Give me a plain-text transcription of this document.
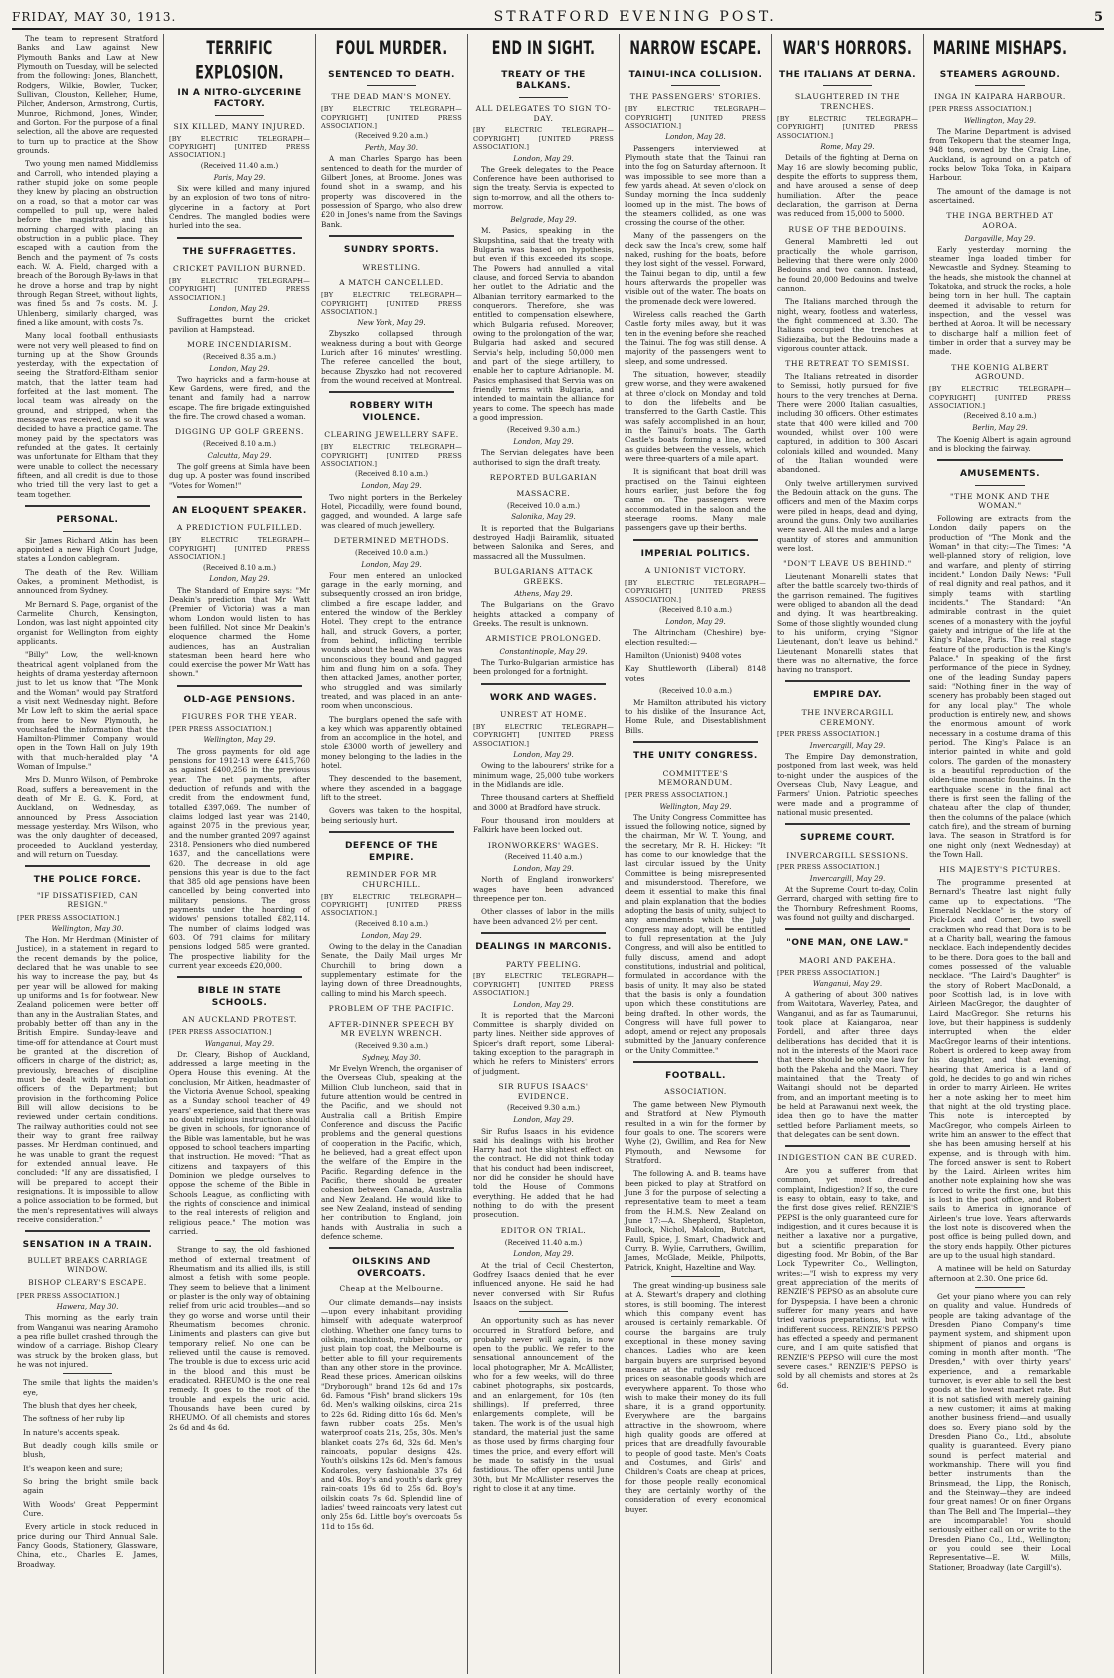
FRIDAY, MAY 30, 1913.	STRATFORD EVENING POST.	5

The team to represent Stratford Banks and Law against New Plymouth Banks and Law at New Plymouth on Tuesday, will be selected from the following: Jones, Blanchett, Rodgers, Wilkie, Bowler, Tucker, Sullivan, Clouston, Kelleher, Hume, Pilcher, Anderson, Armstrong, Curtis, Munroe, Richmond, Jones, Winder, and Gorton. For the purpose of a final selection, all the above are requested to turn up to practice at the Show grounds.

Two young men named Middlemiss and Carroll, who intended playing a rather stupid joke on some people they knew by placing an obstruction on a road, so that a motor car was compelled to pull up, were haled before the magistrate, and this morning charged with placing an obstruction in a public place. They escaped with a caution from the Bench and the payment of 7s costs each. W. A. Field, charged with a breach of the Borough By-laws in that he drove a horse and trap by night through Regan Street, without lights, was fined 5s and 7s costs. M. J. Uhlenberg, similarly charged, was fined a like amount, with costs 7s.

Many local football enthusiasts were not very well pleased to find on turning up at the Show Grounds yesterday, with the expectation of seeing the Stratford-Eltham senior match, that the latter team had forfeited at the last moment. The local team was already on the ground, and stripped, when the message was received, and so it was decided to have a practice game. The money paid by the spectators was refunded at the gates. It certainly was unfortunate for Eltham that they were unable to collect the necessary fifteen, and all credit is due to those who tried till the very last to get a team together.

PERSONAL.

Sir James Richard Atkin has been appointed a new High Court Judge, states a London cablegram.

The death of the Rev. William Oakes, a prominent Methodist, is announced from Sydney.

Mr Bernard S. Page, organist of the Carmelite Church, Kensington, London, was last night appointed city organist for Wellington from eighty applicants.

"Billy" Low, the well-known theatrical agent volplaned from the heights of drama yesterday afternoon just to let us know that "The Monk and the Woman" would pay Stratford a visit next Wednesday night. Before Mr Low left to skim the aerial space from here to New Plymouth, he vouchsafed the information that the Hamilton-Plimmer Company would open in the Town Hall on July 19th with that much-heralded play "A Woman of Impulse."

Mrs D. Munro Wilson, of Pembroke Road, suffers a bereavement in the death of Mr E. G. K. Ford, at Auckland, on Wednesday, as announced by Press Association message yesterday. Mrs Wilson, who was the only daughter of deceased, proceeded to Auckland yesterday, and will return on Tuesday.

THE POLICE FORCE.
"IF DISSATISFIED, CAN RESIGN."
[PER PRESS ASSOCIATION.]
Wellington, May 30.

The Hon. Mr Herdman (Minister of Justice), in a statement in regard to the recent demands by the police, declared that he was unable to see his way to increase the pay, but 4s per year will be allowed for making up uniforms and 1s for footwear. New Zealand policemen were better off than any in the Australian States, and probably better off than any in the British Empire. Sunday-leave and time-off for attendance at Court must be granted at the discretion of officers in charge of the district; as, previously, breaches of discipline must be dealt with by regulation officers of the Department; but provision in the forthcoming Police Bill will allow decisions to be reviewed under certain conditions. The railway authorities could not see their way to grant free railway passes. Mr Herdman continued, and he was unable to grant the request for extended annual leave. He concluded: "If any are dissatisfied, I will be prepared to accept their resignations. It is impossible to allow a police association to be formed, but the men's representatives will always receive consideration."

SENSATION IN A TRAIN.
BULLET BREAKS CARRIAGE WINDOW.
BISHOP CLEARY'S ESCAPE.
[PER PRESS ASSOCIATION.]
Hawera, May 30.

This morning as the early train from Wanganui was nearing Aramoho a pea rifle bullet crashed through the window of a carriage. Bishop Cleary was struck by the broken glass, but he was not injured.

The smile that lights the maiden's eye,

The blush that dyes her cheek,

The softness of her ruby lip

In nature's accents speak.

But deadly cough kills smile or blush,

It's weapon keen and sure;

So bring the bright smile back again

With Woods' Great Peppermint Cure.

Every article in stock reduced in price during our Third Annual Sale. Fancy Goods, Stationery, Glassware, China, etc., Charles E. James, Broadway.

TERRIFIC EXPLOSION.
IN A NITRO-GLYCERINE FACTORY.
SIX KILLED, MANY INJURED.
[BY ELECTRIC TELEGRAPH—COPYRIGHT] [UNITED PRESS ASSOCIATION.]
(Received 11.40 a.m.)
Paris, May 29.

Six were killed and many injured by an explosion of two tons of nitro-glycerine in a factory at Port Cendres. The mangled bodies were hurled into the sea.

THE SUFFRAGETTES.
CRICKET PAVILION BURNED.
[BY ELECTRIC TELEGRAPH—COPYRIGHT] [UNITED PRESS ASSOCIATION.]
London, May 29.

Suffragettes burnt the cricket pavilion at Hampstead.

MORE INCENDIARISM.
(Received 8.35 a.m.)
London, May 29.

Two hayricks and a farm-house at Kew Gardens, were fired, and the tenant and family had a narrow escape. The fire brigade extinguished the fire. The crowd chased a woman.

DIGGING UP GOLF GREENS.
(Received 8.10 a.m.)
Calcutta, May 29.

The golf greens at Simla have been dug up. A poster was found inscribed "Votes for Women!"

AN ELOQUENT SPEAKER.
A PREDICTION FULFILLED.
[BY ELECTRIC TELEGRAPH—COPYRIGHT] [UNITED PRESS ASSOCIATION.]
(Received 8.10 a.m.)
London, May 29.

The Standard of Empire says: "Mr Deakin's prediction that Mr Watt (Premier of Victoria) was a man whom London would listen to has been fulfilled. Not since Mr Deakin's eloquence charmed the Home audiences, has an Australian statesman been heard here who could exercise the power Mr Watt has shown."

OLD-AGE PENSIONS.
FIGURES FOR THE YEAR.
[PER PRESS ASSOCIATION.]
Wellington, May 29.

The gross payments for old age pensions for 1912-13 were £415,760 as against £400,256 in the previous year. The net payments, after deduction of refunds and with the credit from the endowment fund, totalled £397,069. The number of claims lodged last year was 2140, against 2075 in the previous year, and the number granted 2097 against 2318. Pensioners who died numbered 1637, and the cancellations were 620. The decrease in old age pensions this year is due to the fact that 385 old age pensions have been cancelled by being converted into military pensions. The gross payments under the hoarding of widows' pensions totalled £82,114. The number of claims lodged was 603. Of 791 claims for military pensions lodged 585 were granted. The prospective liability for the current year exceeds £20,000.

BIBLE IN STATE SCHOOLS.
AN AUCKLAND PROTEST.
[PER PRESS ASSOCIATION.]
Wanganui, May 29.

Dr. Cleary, Bishop of Auckland, addressed a large meeting in the Opera House this evening. At the conclusion, Mr Aitken, headmaster of the Victoria Avenue School, speaking as a Sunday school teacher of 49 years' experience, said that there was no doubt religious instruction should be given in schools, for ignorance of the Bible was lamentable, but he was opposed to school teachers imparting that instruction. He moved: "That as citizens and taxpayers of this Dominion we pledge ourselves to oppose the scheme of the Bible in Schools League, as conflicting with the rights of conscience and inimical to the real interests of religion and religious peace." The motion was carried.

Strange to say, the old fashioned method of external treatment of Rheumatism and its allied ills, is still almost a fetish with some people. They seem to believe that a liniment or plaster is the only way of obtaining relief from uric acid troubles—and so they go worse and worse until their Rheumatism becomes chronic. Liniments and plasters can give but temporary relief. No one can be relieved until the cause is removed. The trouble is due to excess uric acid in the blood and this must be eradicated. RHEUMO is the one real remedy. It goes to the root of the trouble and expels the uric acid. Thousands have been cured by RHEUMO. Of all chemists and stores 2s 6d and 4s 6d.

FOUL MURDER.
SENTENCED TO DEATH.
THE DEAD MAN'S MONEY.
[BY ELECTRIC TELEGRAPH—COPYRIGHT] [UNITED PRESS ASSOCIATION.]
(Received 9.20 a.m.)
Perth, May 30.

A man Charles Spargo has been sentenced to death for the murder of Gilbert Jones, at Broome. Jones was found shot in a swamp, and his property was discovered in the possession of Spargo, who also drew £20 in Jones's name from the Savings Bank.

SUNDRY SPORTS.
WRESTLING.
A MATCH CANCELLED.
[BY ELECTRIC TELEGRAPH—COPYRIGHT] [UNITED PRESS ASSOCIATION.]
New York, May 29.

Zbyszko collapsed through weakness during a bout with George Lurich after 16 minutes' wrestling. The referee cancelled the bout, because Zbyszko had not recovered from the wound received at Montreal.

ROBBERY WITH VIOLENCE.
CLEARING JEWELLERY SAFE.
[BY ELECTRIC TELEGRAPH—COPYRIGHT] [UNITED PRESS ASSOCIATION.]
(Received 8.10 a.m.)
London, May 29.

Two night porters in the Berkeley Hotel, Piccadilly, were found bound, gagged, and wounded. A large safe was cleared of much jewellery.

DETERMINED METHODS.
(Received 10.0 a.m.)
London, May 29.

Four men entered an unlocked garage in the early morning, and subsequently crossed an iron bridge, climbed a fire escape ladder, and entered the window of the Berkley Hotel. They crept to the entrance hall, and struck Govers, a porter, from behind, inflicting terrible wounds about the head. When he was unconscious they bound and gagged him and flung him on a sofa. They then attacked James, another porter, who struggled and was similarly treated, and was placed in an ante-room when unconscious.

The burglars opened the safe with a key which was apparently obtained from an accomplice in the hotel, and stole £3000 worth of jewellery and money belonging to the ladies in the hotel.

They descended to the basement, where they ascended in a baggage lift to the street.

Govers was taken to the hospital, being seriously hurt.

DEFENCE OF THE EMPIRE.
REMINDER FOR MR CHURCHILL.
[BY ELECTRIC TELEGRAPH—COPYRIGHT] [UNITED PRESS ASSOCIATION.]
(Received 8.10 a.m.)
London, May 29.

Owing to the delay in the Canadian Senate, the Daily Mail urges Mr Churchill to bring down a supplementary estimate for the laying down of three Dreadnoughts, calling to mind his March speech.

PROBLEM OF THE PACIFIC.
AFTER-DINNER SPEECH BY MR EVELYN WRENCH.
(Received 9.30 a.m.)
Sydney, May 30.

Mr Evelyn Wrench, the organiser of the Overseas Club, speaking at the Million Club luncheon, said that in future attention would be centred in the Pacific, and we should not Australia call a British Empire Conference and discuss the Pacific problems and the general questions of cooperation in the Pacific, which, he believed, had a great effect upon the welfare of the Empire in the Pacific. Regarding defence in the Pacific, there should be greater cohesion between Canada, Australia and New Zealand. He would like to see New Zealand, instead of sending her contribution to England, join hands with Australia in such a defence scheme.

OILSKINS AND OVERCOATS.
Cheap at the Melbourne.

Our climate demands—nay insists—upon every inhabitant providing himself with adequate waterproof clothing. Whether one fancy turns to oilskin, mackintosh, rubber coats, or just plain top coat, the Melbourne is better able to fill your requirements than any other store in the province. Read these prices. American oilskins "Dryborough" brand 12s 6d and 17s 6d. Famous "Fish" brand slickers 19s 6d. Men's walking oilskins, circa 21s to 22s 6d. Riding ditto 16s 6d. Men's fawn rubber coats 25s. Men's waterproof coats 21s, 25s, 30s. Men's blanket coats 27s 6d, 32s 6d. Men's raincoats, popular designs 42s. Youth's oilskins 12s 6d. Men's famous Kodaroles, very fashionable 37s 6d and 40s. Boy's and youth's dark grey rain-coats 19s 6d to 25s 6d. Boy's oilskin coats 7s 6d. Splendid line of ladies' tweed raincoats very latest cut only 25s 6d. Little boy's overcoats 5s 11d to 15s 6d.

END IN SIGHT.
TREATY OF THE BALKANS.
ALL DELEGATES TO SIGN TO-DAY.
[BY ELECTRIC TELEGRAPH—COPYRIGHT] [UNITED PRESS ASSOCIATION.]
London, May 29.

The Greek delegates to the Peace Conference have been authorised to sign the treaty. Servia is expected to sign to-morrow, and all the others to-morrow.

Belgrade, May 29.

M. Pasics, speaking in the Skupshtina, said that the treaty with Bulgaria was based on hypothesis, but even if this exceeded its scope. The Powers had annulled a vital clause, and forced Servia to abandon her outlet to the Adriatic and the Albanian territory earmarked to the conquerors. Therefore, she was entitled to compensation elsewhere, which Bulgaria refused. Moreover, owing to the prolongation of the war, Bulgaria had asked and secured Servia's help, including 50,000 men and part of the siege artillery, to enable her to capture Adrianople. M. Pasics emphasised that Servia was on friendly terms with Bulgaria, and intended to maintain the alliance for years to come. The speech has made a good impression.

(Received 9.30 a.m.)
London, May 29.

The Servian delegates have been authorised to sign the draft treaty.

REPORTED BULGARIAN
MASSACRE.
(Received 10.0 a.m.)
Salonika, May 29.

It is reported that the Bulgarians destroyed Hadji Bairamlik, situated between Salonika and Seres, and massacred all the Mussulmen.

BULGARIANS ATTACK GREEKS.
Athens, May 29.

The Bulgarians on the Gravo heights attacked a company of Greeks. The result is unknown.

ARMISTICE PROLONGED.
Constantinople, May 29.

The Turko-Bulgarian armistice has been prolonged for a fortnight.

WORK AND WAGES.
UNREST AT HOME.
[BY ELECTRIC TELEGRAPH—COPYRIGHT] [UNITED PRESS ASSOCIATION.]
London, May 29.

Owing to the labourers' strike for a minimum wage, 25,000 tube workers in the Midlands are idle.

Three thousand carters at Sheffield and 3000 at Bradford have struck.

Four thousand iron moulders at Falkirk have been locked out.

IRONWORKERS' WAGES.
(Received 11.40 a.m.)
London, May 29.

North of England ironworkers' wages have been advanced threepence per ton.

Other classes of labor in the mills have been advanced 2½ per cent.

DEALINGS IN MARCONIS.
PARTY FEELING.
[BY ELECTRIC TELEGRAPH—COPYRIGHT] [UNITED PRESS ASSOCIATION.]
London, May 29.

It is reported that the Marconi Committee is sharply divided on party lines. Neither side approves of Spicer's draft report, some Liberal-taking exception to the paragraph in which he refers to Ministers' errors of judgment.

SIR RUFUS ISAACS' EVIDENCE.
(Received 9.30 a.m.)
London, May 29.

Sir Rufus Isaacs in his evidence said his dealings with his brother Harry had not the slightest effect on the contract. He did not think today that his conduct had been indiscreet, nor did he consider he should have told the House of Commons everything. He added that he had nothing to do with the present prosecution.

EDITOR ON TRIAL.
(Received 11.40 a.m.)
London, May 29.

At the trial of Cecil Chesterton, Godfrey Isaacs denied that he ever influenced anyone. He said he had never conversed with Sir Rufus Isaacs on the subject.

An opportunity such as has never occurred in Stratford before, and probably never will again, is now open to the public. We refer to the sensational announcement of the local photographer, Mr A. McAllister, who for a few weeks, will do three cabinet photographs, six postcards, and an enlargement, for 10s (ten shillings). If preferred, three enlargements complete, will be taken. The work is of the usual high standard, the material just the same as those used by firms charging four times the price, and every effort will be made to satisfy in the usual fastidious. The offer opens until June 30th, but Mr McAllister reserves the right to close it at any time.

NARROW ESCAPE.
TAINUI-INCA COLLISION.
THE PASSENGERS' STORIES.
[BY ELECTRIC TELEGRAPH—COPYRIGHT] [UNITED PRESS ASSOCIATION.]
London, May 28.

Passengers interviewed at Plymouth state that the Tainui ran into the fog on Saturday afternoon. It was impossible to see more than a few yards ahead. At seven o'clock on Sunday morning the Inca suddenly loomed up in the mist. The bows of the steamers collided, as one was crossing the course of the other.

Many of the passengers on the deck saw the Inca's crew, some half naked, rushing for the boats, before they lost sight of the vessel. Forward, the Tainui began to dip, until a few hours afterwards the propeller was visible out of the water. The boats on the promenade deck were lowered.

Wireless calls reached the Garth Castle forty miles away, but it was ten in the evening before she reached the Tainui. The fog was still dense. A majority of the passengers went to sleep, and some undressed.

The situation, however, steadily grew worse, and they were awakened at three o'clock on Monday and told to don the lifebelts and be transferred to the Garth Castle. This was safely accomplished in an hour, in the Tainui's boats. The Garth Castle's boats forming a line, acted as guides between the vessels, which were three-quarters of a mile apart.

It is significant that boat drill was practised on the Tainui eighteen hours earlier, just before the fog came on. The passengers were accommodated in the saloon and the steerage rooms. Many male passengers gave up their berths.

IMPERIAL POLITICS.
A UNIONIST VICTORY.
[BY ELECTRIC TELEGRAPH—COPYRIGHT] [UNITED PRESS ASSOCIATION.]
(Received 8.10 a.m.)
London, May 29.

The Altrincham (Cheshire) bye-election resulted:—

Hamilton (Unionist) 9408 votes

Kay Shuttleworth (Liberal) 8148 votes

(Received 10.0 a.m.)

Mr Hamilton attributed his victory to his dislike of the Insurance Act, Home Rule, and Disestablishment Bills.

THE UNITY CONGRESS.
COMMITTEE'S MEMORANDUM.
[PER PRESS ASSOCIATION.]
Wellington, May 29.

The Unity Congress Committee has issued the following notice, signed by the chairman, Mr W. T. Young, and the secretary, Mr R. H. Hickey: "It has come to our knowledge that the last circular issued by the Unity Committee is being misrepresented and misunderstood. Therefore, we deem it essential to make this final and plain explanation that the bodies adopting the basis of unity, subject to any amendments which the July Congress may adopt, will be entitled to full representation at the July Congress, and will also be entitled to fully discuss, amend and adopt constitutions, industrial and political, formulated in accordance with the basis of unity. It may also be stated that the basis is only a foundation upon which these constitutions are being drafted. In other words, the Congress will have full power to adopt, amend or reject any proposals submitted by the January conference or the Unity Committee."

FOOTBALL.
ASSOCIATION.

The game between New Plymouth and Stratford at New Plymouth resulted in a win for the former by four goals to one. The scorers were Wyhe (2), Gwillim, and Rea for New Plymouth, and Newsome for Stratford.

The following A. and B. teams have been picked to play at Stratford on June 3 for the purpose of selecting a representative team to meet a team from the H.M.S. New Zealand on June 17:—A. Shepherd, Stapleton, Bullock, Nichol, Malcolm, Butchart, Faull, Spice, J. Smart, Chadwick and Curry. B. Wylie, Carruthers, Gwillim, James, McGlade, Meikle, Philpotts, Patrick, Knight, Hazeltine and Way.

The great winding-up business sale at A. Stewart's drapery and clothing stores, is still booming. The interest which this company event has aroused is certainly remarkable. Of course the bargains are truly exceptional in these money saving chances. Ladies who are keen bargain buyers are surprised beyond measure at the ruthlessly reduced prices on seasonable goods which are everywhere apparent. To those who wish to make their money do its full share, it is a grand opportunity. Everywhere are the bargains attractive in the showroom, where high quality goods are offered at prices that are dreadfully favourable to people of good taste. Men's Coats and Costumes, and Girls' and Children's Coats are cheap at prices, for those people really economical they are certainly worthy of the consideration of every economical buyer.

WAR'S HORRORS.
THE ITALIANS AT DERNA.
SLAUGHTERED IN THE TRENCHES.
[BY ELECTRIC TELEGRAPH—COPYRIGHT] [UNITED PRESS ASSOCIATION.]
Rome, May 29.

Details of the fighting at Derna on May 16 are slowly becoming public, despite the efforts to suppress them, and have aroused a sense of deep humiliation. After the peace declaration, the garrison at Derna was reduced from 15,000 to 5000.

RUSE OF THE BEDOUINS.

General Mambretti led out practically the whole garrison, believing that there were only 2000 Bedouins and two cannon. Instead, he found 20,000 Bedouins and twelve cannon.

The Italians marched through the night, weary, footless and waterless, the fight commenced at 3.30. The Italians occupied the trenches at Sidiezaiba, but the Bedouins made a vigorous counter attack.

THE RETREAT TO SEMISSI.

The Italians retreated in disorder to Semissi, hotly pursued for five hours to the very trenches at Derna. There were 2000 Italian casualties, including 30 officers. Other estimates state that 400 were killed and 700 wounded, whilst over 100 were captured, in addition to 300 Ascari colonials killed and wounded. Many of the Italian wounded were abandoned.

Only twelve artillerymen survived the Bedouin attack on the guns. The officers and men of the Maxim corps were piled in heaps, dead and dying, around the guns. Only two auxiliaries were saved. All the mules and a large quantity of stores and ammunition were lost.

"DON'T LEAVE US BEHIND."

Lieutenant Monarelli states that after the battle scarcely two-thirds of the garrison remained. The fugitives were obliged to abandon all the dead and dying. It was heartbreaking. Some of those slightly wounded clung to his uniform, crying "Signor Lieutenant, don't leave us behind." Lieutenant Monarelli states that there was no alternative, the force having no transport.

EMPIRE DAY.
THE INVERCARGILL CEREMONY.
[PER PRESS ASSOCIATION.]
Invercargill, May 29.

The Empire Day demonstration, postponed from last week, was held to-night under the auspices of the Overseas Club, Navy League, and Farmers' Union. Patriotic speeches were made and a programme of national music presented.

SUPREME COURT.
INVERCARGILL SESSIONS.
[PER PRESS ASSOCIATION.]
Invercargill, May 29.

At the Supreme Court to-day, Colin Gerrard, charged with setting fire to the Thornbury Refreshment Rooms, was found not guilty and discharged.

"ONE MAN, ONE LAW."
MAORI AND PAKEHA.
[PER PRESS ASSOCIATION.]
Wanganui, May 29.

A gathering of about 300 natives from Waitotara, Waverley, Patea, and Wanganui, and as far as Taumarunui, took place at Kaiangaroa, near Fordell, and after three days deliberations has decided that it is not in the interests of the Maori race that there should be only one law for both the Pakeha and the Maori. They maintained that the Treaty of Waitangi should not be departed from, and an important meeting is to be held at Parawanui next week, the idea then go to have the matter settled before Parliament meets, so that delegates can be sent down.

INDIGESTION CAN BE CURED.

Are you a sufferer from that common, yet most dreaded complaint, Indigestion? If so, the cure is easy to obtain, easy to take, and the first dose gives relief. RENZIE'S PEPSI is the only guaranteed cure for indigestion, and it cures because it is neither a laxative nor a purgative, but a scientific preparation for digesting food. Mr Bobin, of the Bar Lock Typewriter Co., Wellington, writes:—"I wish to express my very great appreciation of the merits of RENZIE'S PEPSO as an absolute cure for Dyspepsia. I have been a chronic sufferer for many years and have tried various preparations, but with indifferent success. RENZIE'S PEPSO has effected a speedy and permanent cure, and I am quite satisfied that RENZIE'S PEPSO will cure the most severe cases." RENZIE'S PEPSO is sold by all chemists and stores at 2s 6d.

MARINE MISHAPS.
STEAMERS AGROUND.
INGA IN KAIPARA HARBOUR.
[PER PRESS ASSOCIATION.]
Wellington, May 29.

The Marine Department is advised from Tekoperu that the steamer Inga, 948 tons, owned by the Craig Line, Auckland, is aground on a patch of rocks below Toka Toka, in Kaipara Harbour.

The amount of the damage is not ascertained.

THE INGA BERTHED AT AOROA.
Dargaville, May 29.

Early yesterday morning the steamer Inga loaded timber for Newcastle and Sydney. Steaming to the heads, she mistook the channel at Tokatoka, and struck the rocks, a hole being torn in her hull. The captain deemed it advisable to return for inspection, and the vessel was berthed at Aoroa. It will be necessary to discharge half a million feet of timber in order that a survey may be made.

THE KOENIG ALBERT AGROUND.
[BY ELECTRIC TELEGRAPH—COPYRIGHT] [UNITED PRESS ASSOCIATION.]
(Received 8.10 a.m.)
Berlin, May 29.

The Koenig Albert is again aground and is blocking the fairway.

AMUSEMENTS.
"THE MONK AND THE WOMAN."

Following are extracts from the London daily papers on the production of "The Monk and the Woman" in that city:—The Times: "A well-planned story of religion, love and warfare, and plenty of stirring incident." London Daily News: "Full of real dignity and real pathos, and it simply teams with startling incidents." The Standard: "An admirable contrast in the quiet scenes of a monastery with the joyful gaiety and intrigue of the life at the King's Palace, Paris. The real stage feature of the production is the King's Palace." In speaking of the first performance of the piece in Sydney, one of the leading Sunday papers said: "Nothing finer in the way of scenery has probably been staged out for any local play." The whole production is entirely new, and shows the enormous amount of work necessary in a costume drama of this period. The King's Palace is an interior painted in white and gold colors. The garden of the monastery is a beautiful reproduction of the olden-time monastic fountains. In the earthquake scene in the final act there is first seen the falling of the chateau after the clap of thunder, then the columns of the palace (which catch fire), and the stream of burning lava. The season in Stratford is for one night only (next Wednesday) at the Town Hall.

HIS MAJESTY'S PICTURES.

The programme presented at Bernard's Theatre last night fully came up to expectations. "The Emerald Necklace" is the story of Pick-Lock and Corner, two swell crackmen who read that Dora is to be at a Charity ball, wearing the famous necklace. Each independently decides to be there. Dora goes to the ball and comes possessed of the valuable necklace. "The Laird's Daughter" is the story of Robert MacDonald, a poor Scottish lad, is in love with Airleen MacGregor, the daughter of Laird MacGregor. She returns his love, but their happiness is suddenly interrupted when the elder MacGregor learns of their intentions. Robert is ordered to keep away from his daughter, and that evening, hearing that America is a land of gold, he decides to go and win riches in order to marry Airleen. He writes her a note asking her to meet him that night at the old trysting place. This note is intercepted by MacGregor, who compels Airleen to write him an answer to the effect that she has been amusing herself at his expense, and is through with him. The forced answer is sent to Robert by the Laird. Airleen writes him another note explaining how she was forced to write the first one, but this is lost in the post office, and Robert sails to America in ignorance of Airleen's true love. Years afterwards the lost note is discovered when the post office is being pulled down, and the story ends happily. Other pictures are up to the usual high standard.

A matinee will be held on Saturday afternoon at 2.30. One price 6d.

Get your piano where you can rely on quality and value. Hundreds of people are taking advantage of the Dresden Piano Company's time payment system, and shipment upon shipment of pianos and organs is coming in month after month. "The Dresden," with over thirty years' experience, and a remarkable turnover, is ever able to sell the best goods at the lowest market rate. But it is not satisfied with merely gaining a new customer; it aims at making another business friend—and usually does so. Every piano sold by the Dresden Piano Co., Ltd., absolute quality is guaranteed. Every piano sound is perfect material and workmanship. There will you find better instruments than the Brinsmead, the Lipp, the Ronisch, and the Steinway—they are indeed four great names! Or on finer Organs than The Bell and The Imperial—they are incomparable! You should seriously either call on or write to the Dresden Piano Co., Ltd., Wellington; or you could see their Local Representative—E. W. Mills, Stationer, Broadway (late Cargill's).
